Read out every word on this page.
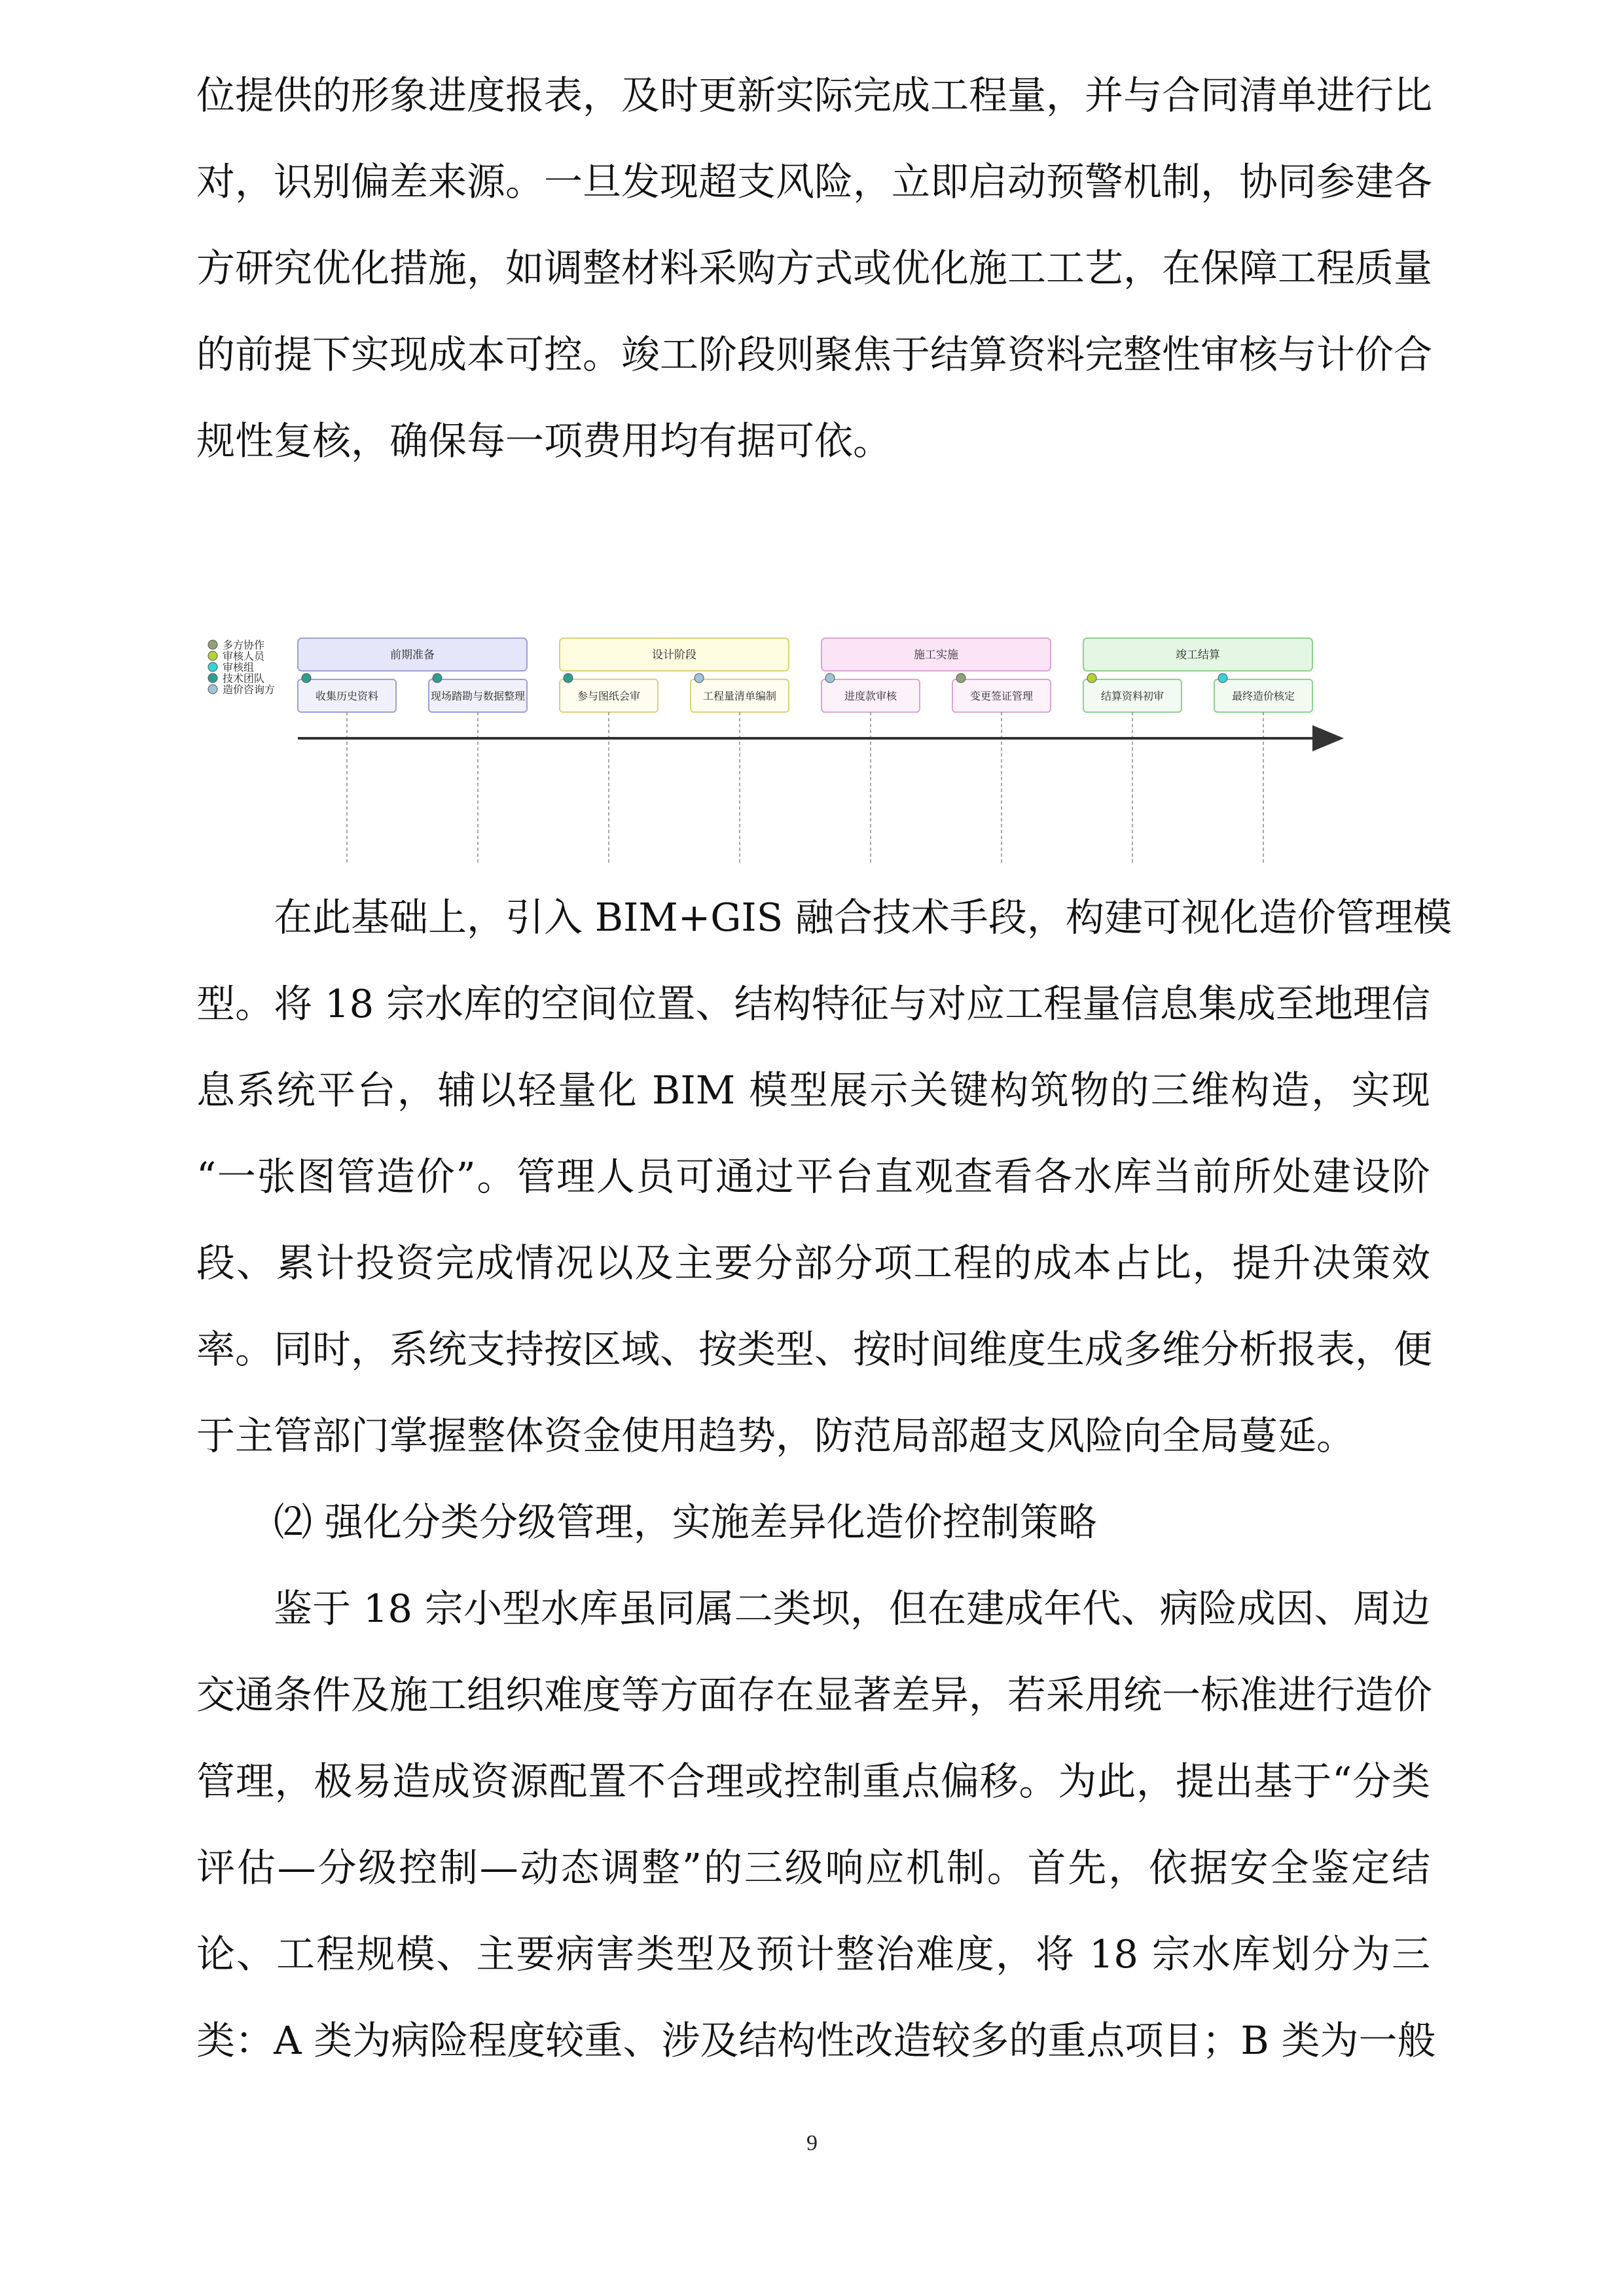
位提供的形象进度报表，及时更新实际完成工程量，并与合同清单进行比
对，识别偏差来源。一旦发现超支风险，立即启动预警机制，协同参建各
方研究优化措施，如调整材料采购方式或优化施工工艺，在保障工程质量
的前提下实现成本可控。竣工阶段则聚焦于结算资料完整性审核与计价合
规性复核，确保每一项费用均有据可依。
多方协作
审核人员
审核组
技术团队
造价咨询方
前期准备
收集历史资料	现场踏勘与数据整理
设计阶段
参与图纸会审	工程量清单编制
施工实施
进度款审核	变更签证管理
竣工结算
结算资料初审	最终造价核定
在此基础上，引入 BIM+GIS 融合技术手段，构建可视化造价管理模
型。将 18 宗水库的空间位置、结构特征与对应工程量信息集成至地理信
息系统平台，辅以轻量化 BIM 模型展示关键构筑物的三维构造，实现
“一张图管造价”。管理人员可通过平台直观查看各水库当前所处建设阶
段、累计投资完成情况以及主要分部分项工程的成本占比，提升决策效
率。同时，系统支持按区域、按类型、按时间维度生成多维分析报表，便
于主管部门掌握整体资金使用趋势，防范局部超支风险向全局蔓延。
⑵ 强化分类分级管理，实施差异化造价控制策略
鉴于 18 宗小型水库虽同属二类坝，但在建成年代、病险成因、周边
交通条件及施工组织难度等方面存在显著差异，若采用统一标准进行造价
管理，极易造成资源配置不合理或控制重点偏移。为此，提出基于“分类
评估—分级控制—动态调整”的三级响应机制。首先，依据安全鉴定结
论、工程规模、主要病害类型及预计整治难度，将 18 宗水库划分为三
类：A 类为病险程度较重、涉及结构性改造较多的重点项目；B 类为一般
9
